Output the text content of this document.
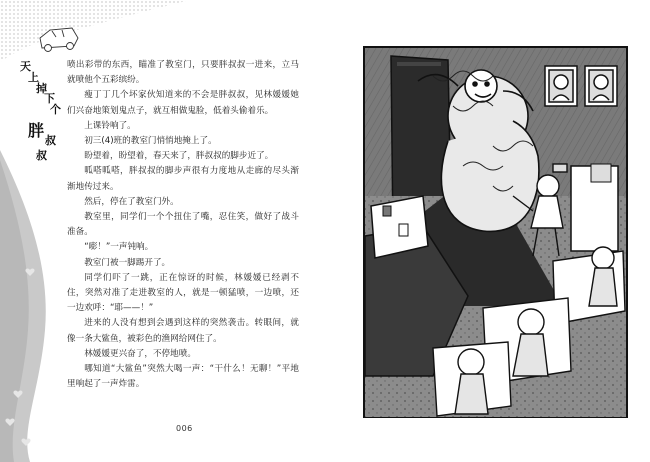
天
上
掉
下
个
胖
叔
叔

喷出彩带的东西，瞄准了教室门，只要胖叔叔一进来，立马就喷他个五彩缤纷。

瘦丁丁几个坏家伙知道来的不会是胖叔叔，见林媛媛她们兴奋地策划鬼点子，就互相做鬼脸，低着头偷着乐。

上课铃响了。

初三(4)班的教室门悄悄地掩上了。

盼望着，盼望着，春天来了，胖叔叔的脚步近了。

呱嗒呱嗒，胖叔叔的脚步声很有力度地从走廊的尽头渐渐地传过来。

然后，停在了教室门外。

教室里，同学们一个个扭住了嘴，忍住笑，做好了战斗准备。

“嘭！”一声钝响。

教室门被一脚踢开了。

同学们吓了一跳，正在惊讶的时候，林媛媛已经剥不住，突然对准了走进教室的人，就是一顿猛喷，一边喷，还一边欢呼：“耶——！”

进来的人没有想到会遇到这样的突然袭击。转眼间，就像一条大鲨鱼，被彩色的渔网给网住了。

林媛媛更兴奋了，不停地喷。

哪知道“大鲨鱼”突然大喝一声：“干什么！无聊！”平地里响起了一声炸雷。

006
